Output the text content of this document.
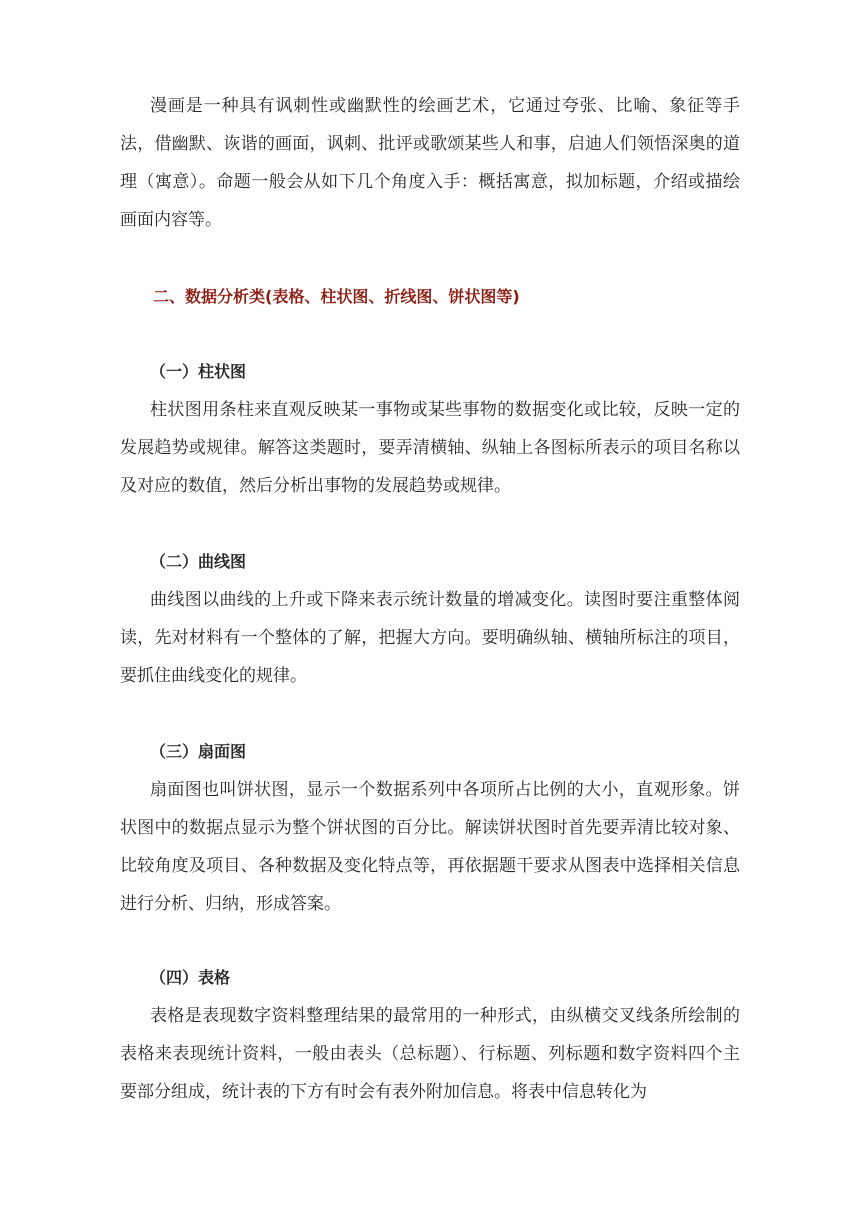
漫画是一种具有讽刺性或幽默性的绘画艺术，它通过夸张、比喻、象征等手法，借幽默、诙谐的画面，讽刺、批评或歌颂某些人和事，启迪人们领悟深奥的道理（寓意）。命题一般会从如下几个角度入手：概括寓意，拟加标题，介绍或描绘画面内容等。

二、数据分析类(表格、柱状图、折线图、饼状图等)
（一）柱状图

柱状图用条柱来直观反映某一事物或某些事物的数据变化或比较，反映一定的发展趋势或规律。解答这类题时，要弄清横轴、纵轴上各图标所表示的项目名称以及对应的数值，然后分析出事物的发展趋势或规律。

（二）曲线图

曲线图以曲线的上升或下降来表示统计数量的增减变化。读图时要注重整体阅读，先对材料有一个整体的了解，把握大方向。要明确纵轴、横轴所标注的项目，要抓住曲线变化的规律。

（三）扇面图

扇面图也叫饼状图，显示一个数据系列中各项所占比例的大小，直观形象。饼状图中的数据点显示为整个饼状图的百分比。解读饼状图时首先要弄清比较对象、比较角度及项目、各种数据及变化特点等，再依据题干要求从图表中选择相关信息进行分析、归纳，形成答案。

（四）表格

表格是表现数字资料整理结果的最常用的一种形式，由纵横交叉线条所绘制的表格来表现统计资料，一般由表头（总标题）、行标题、列标题和数字资料四个主要部分组成，统计表的下方有时会有表外附加信息。将表中信息转化为
